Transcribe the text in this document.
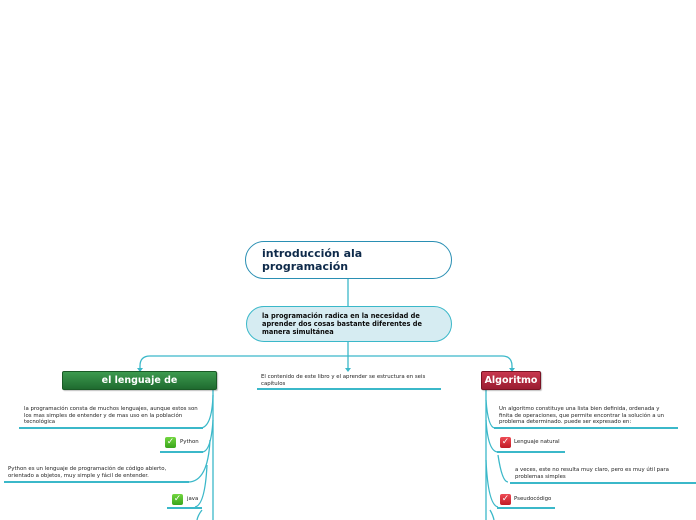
introducción ala programación
la programación radica en la necesidad de aprender dos cosas bastante diferentes de manera simultánea
El contenido de este libro y el aprender se estructura en seis capítulos
el lenguaje de programación
la programación consta de muchos lenguajes, aunque estos son los mas simples de entender y de mas uso en la población tecnológica
✓	Python
Python es un lenguaje de programación de código abierto, orientado a objetos, muy simple y fácil de entender.
✓	java
Algoritmo
Un algoritmo constituye una lista bien definida, ordenada y finita de operaciones, que permite encontrar la solución a un problema determinado. puede ser expresado en:
✓ Lenguaje natural
a veces, este no resulta muy claro, pero es muy útil para problemas simples
✓ Pseudocódigo
